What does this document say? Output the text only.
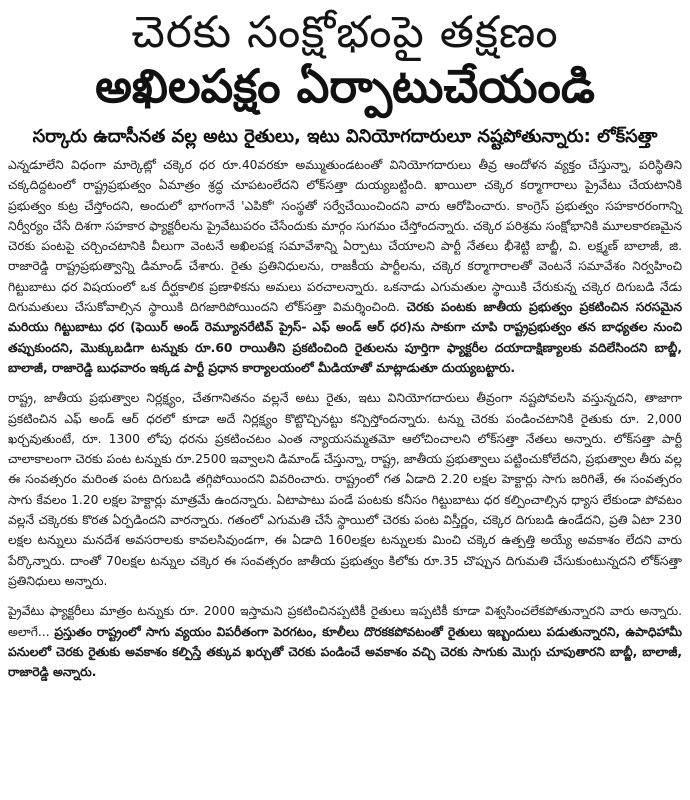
చెరకు సంక్షోభంపై తక్షణం
అఖిలపక్షం ఏర్పాటుచేయండి
సర్కారు ఉదాసీనత వల్ల అటు రైతులు, ఇటు వినియోగదారులూ నష్టపోతున్నారు: లోక్‌సత్తా

ఎన్నడూలేని విధంగా మార్కెట్లో చక్కెర ధర రూ.40వరకూ అమ్ముతుండటంతో వినియోగదారులు తీవ్ర ఆందోళన వ్యక్తం చేస్తున్నా, పరిస్థితిని చక్కదిద్దటంలో రాష్ట్రప్రభుత్వం ఏమాత్రం శ్రద్ధ చూపటంలేదని లోక్‌సత్తా దుయ్యబట్టింది. ఖాయిలా చక్కెర కర్మాగారాలు ప్రైవేటు చేయటానికి ప్రభుత్వం కుట్ర చేస్తోందని, అందులో భాగంగానే 'ఎపికో' సంస్థతో సర్వేచేయించిందని వారు ఆరోపించారు. కాంగ్రెస్ ప్రభుత్వం సహకారరంగాన్ని నిర్వీర్యం చేసే దిశగా సహకార ఫ్యాక్టరీలను ప్రైవేటుపరం చేసేందుకు మార్గం సుగమం చేస్తోందన్నారు. చక్కెర పరిశ్రమ సంక్షోభానికి మూలకారణమైన చెరకు పంటపై చర్చించటానికి వీలుగా వెంటనే అఖిలపక్ష సమావేశాన్ని ఏర్పాటు చేయాలని పార్టీ నేతలు భీశెట్టి బాబ్జీ, వి. లక్ష్మణ్ బాలాజీ, జి. రాజారెడ్డి రాష్ట్రప్రభుత్వాన్ని డిమాండ్ చేశారు. రైతు ప్రతినిధులను, రాజకీయ పార్టీలను, చక్కెర కర్మాగారాలతో వెంటనే సమావేశం నిర్వహించి గిట్టుబాటు ధర విషయంలో ఒక దీర్ఘకాలిక ప్రణాళికను అమలు పరచాలన్నారు. ఒకనాడు ఎగుమతుల స్థాయికి చేరుకున్న చక్కెర దిగుబడి నేడు దిగుమతులు చేసుకోవాల్సిన స్థాయికి దిగజారిపోయిందని లోక్‌సత్తా విమర్శించింది. చెరకు పంటకు జాతీయ ప్రభుత్వం ప్రకటించిన సరసమైన మరియు గిట్టుబాటు ధర (ఫెయిర్ అండ్ రెమ్యూనరేటివ్ ప్రైస్- ఎఫ్ అండ్ ఆర్ ధర)ను సాకుగా చూపి రాష్ట్రప్రభుత్వం తన బాధ్యతల నుంచి తప్పుకుందని, మొక్కుబడిగా టన్నుకు రూ.60 రాయితీని ప్రకటించింది రైతులను పూర్తిగా ఫ్యాక్టరీల దయాదాక్షిణ్యాలకు వదిలేసిందని బాబ్జీ, బాలాజీ, రాజారెడ్డి బుధవారం ఇక్కడ పార్టీ ప్రధాన కార్యాలయంలో మీడియాతో మాట్లాడుతూ దుయ్యబట్టారు.

రాష్ట్ర, జాతీయ ప్రభుత్వాల నిర్లక్ష్యం, చేతగానితనం వల్లనే అటు రైతు, ఇటు వినియోగదారులు తీవ్రంగా నష్టపోవలసి వస్తున్నదని, తాజాగా ప్రకటించిన ఎఫ్ అండ్ ఆర్ ధరలో కూడా అదే నిర్లక్ష్యం కొట్టొచ్చినట్టు కన్పిస్తోందన్నారు. టన్ను చెరకు పండించటానికి రైతుకు రూ. 2,000 ఖర్చవుతుంటే, రూ. 1300 లోపు ధరను ప్రకటించటం ఎంత న్యాయసమ్మతమో ఆలోచించాలని లోక్‌సత్తా నేతలు అన్నారు. లోక్‌సత్తా పార్టీ చాలాకాలంగా చెరకు పంట టన్నుకు రూ.2500 ఇవ్వాలని డిమాండ్ చేస్తున్నా, రాష్ట్ర, జాతీయ ప్రభుత్వాలు పట్టించుకోలేదని, ప్రభుత్వాల తీరు వల్ల ఈ సంవత్సరం మరింత పంట దిగుబడి తగ్గిపోయిందని వివరించారు. రాష్ట్రంలో గత ఏడాది 2.20 లక్షల హెక్టార్లు సాగు జరిగితే, ఈ సంవత్సరం సాగు కేవలం 1.20 లక్షల హెక్టార్లు మాత్రమే ఉందన్నారు. ఏటాపాటు పండే పంటకు కనీసం గిట్టుబాటు ధర కల్పించాల్సిన ధ్యాస లేకుండా పోవటం వల్లనే చక్కెరకు కొరత ఏర్పడిందని వారన్నారు. గతంలో ఎగుమతి చేసే స్థాయిలో చెరకు పంట విస్తీర్ణం, చక్కెర దిగుబడి ఉండేదని, ప్రతి ఏటా 230 లక్షల టన్నులు మనదేశ అవసరాలకు కావలసివుండగా, ఈ ఏడాది 160లక్షల టన్నులకు మించి చక్కెర ఉత్పత్తి అయ్యే అవకాశం లేదని వారు పేర్కొన్నారు. దాంతో 70లక్షల టన్నుల చక్కెర ఈ సంవత్సరం జాతీయ ప్రభుత్వం కిలోకు రూ.35 చొప్పున దిగుమతి చేసుకుంటున్నదని లోక్‌సత్తా ప్రతినిధులు అన్నారు.

ప్రైవేటు ఫ్యాక్టరీలు మాత్రం టన్నుకు రూ. 2000 ఇస్తామని ప్రకటించినప్పటికీ రైతులు ఇప్పటికీ కూడా విశ్వసించలేకపోతున్నారని వారు అన్నారు. అలాగే... ప్రస్తుతం రాష్ట్రంలో సాగు వ్యయం విపరీతంగా పెరగటం, కూలీలు దొరకకపోవటంతో రైతులు ఇబ్బందులు పడుతున్నారని, ఉపాధిహామీ పనులలో చెరకు రైతుకు అవకాశం కల్పిస్తే తక్కువ ఖర్చుతో చెరకు పండించే అవకాశం వచ్చి చెరకు సాగుకు మొగ్గు చూపుతారని బాబ్జీ, బాలాజీ, రాజారెడ్డి అన్నారు.
